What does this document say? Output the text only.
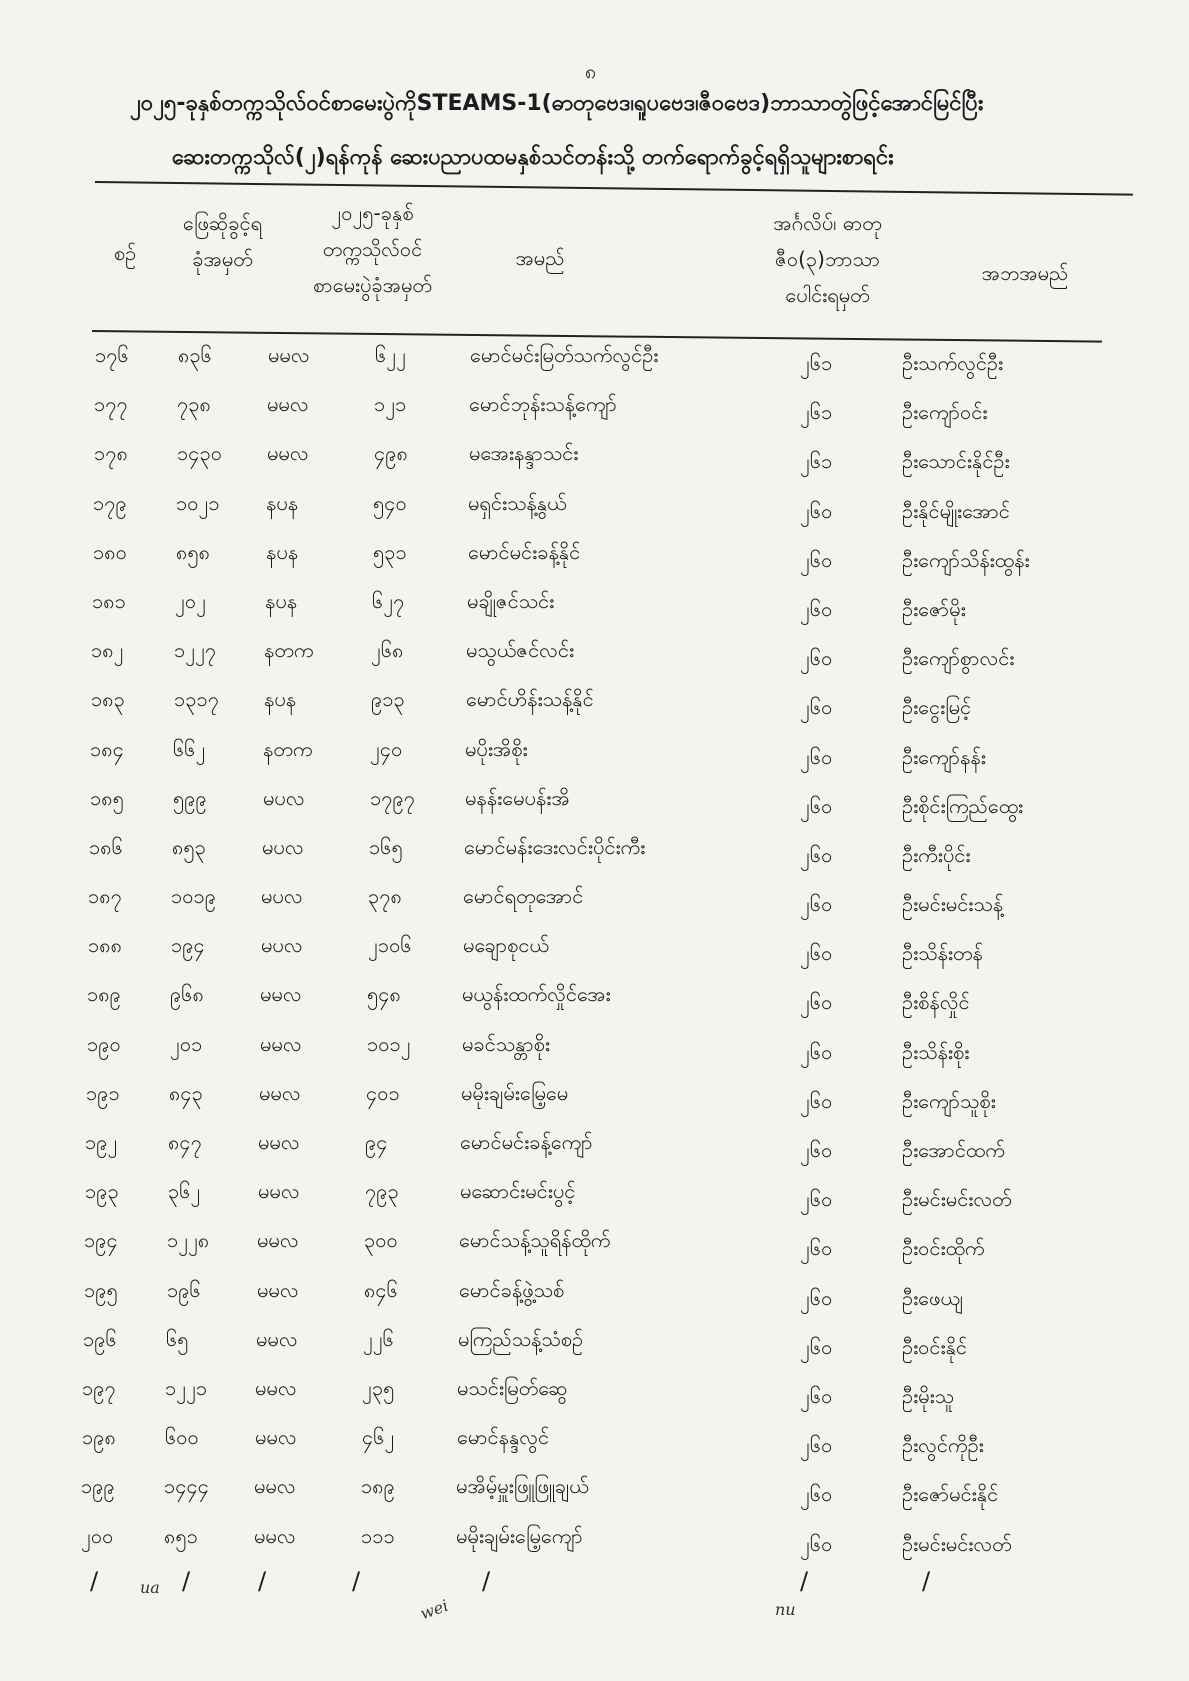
၈
၂၀၂၅-ခုနှစ်တက္ကသိုလ်ဝင်စာမေးပွဲကိုSTEAMS-1(ဓာတုဗေဒ၊ရူပဗေဒ၊ဇီဝဗေဒ)ဘာသာတွဲဖြင့်အောင်မြင်ပြီး
ဆေးတက္ကသိုလ်(၂)ရန်ကုန် ဆေးပညာပထမနှစ်သင်တန်းသို့ တက်ရောက်ခွင့်ရရှိသူများစာရင်း
စဉ်
ဖြေဆိုခွင့်ရ
ခုံအမှတ်
၂၀၂၅-ခုနှစ်
တက္ကသိုလ်ဝင်
စာမေးပွဲခုံအမှတ်
အမည်
အင်္ဂလိပ်၊ ဓာတု
ဇီဝ(၃)ဘာသာ
ပေါင်းရမှတ်
အဘအမည်
၁၇၆ ၈၃၆	မမလ	၆၂၂	မောင်မင်းမြတ်သက်လွင်ဦး	၂၆၁	ဦးသက်လွင်ဦး
၁၇၇ ၇၃၈	မမလ	၁၂၁	မောင်ဘုန်းသန့်ကျော်	၂၆၁	ဦးကျော်ဝင်း
၁၇၈ ၁၄၃၀ မမလ	၄၉၈	မအေးနန္ဒာသင်း	၂၆၁	ဦးသောင်းနိုင်ဦး
၁၇၉ ၁၀၂၁ နပန	၅၄၀	မရှင်းသန့်နွယ်	၂၆၀	ဦးနိုင်မျိုးအောင်
၁၈၀ ၈၅၈	နပန	၅၃၁	မောင်မင်းခန့်နိုင်	၂၆၀	ဦးကျော်သိန်းထွန်း
၁၈၁ ၂၀၂	နပန	၆၂၇	မချိုဇင်သင်း	၂၆၀	ဦးဇော်မိုး
၁၈၂	၁၂၂၇ နတက	၂၆၈	မသွယ်ဇင်လင်း	၂၆၀	ဦးကျော်စွာလင်း
၁၈၃ ၁၃၁၇ နပန	၉၁၃	မောင်ဟိန်းသန့်နိုင်	၂၆၀	ဦးငွေးမြင့်
၁၈၄ ၆၆၂	နတက	၂၄၀	မပိုးအိစိုး	၂၆၀	ဦးကျော်နန်း
၁၈၅ ၅၉၉	မပလ	၁၇၉၇	မနန်းမေပန်းအိ	၂၆၀	ဦးစိုင်းကြည်ထွေး
၁၈၆ ၈၅၃	မပလ	၁၆၅	မောင်မန်းဒေးလင်းပိုင်းကီး	၂၆၀	ဦးကီးပိုင်း
၁၈၇ ၁၀၁၉ မပလ	၃၇၈	မောင်ရတုအောင်	၂၆၀	ဦးမင်းမင်းသန့်
၁၈၈ ၁၉၄	မပလ	၂၁၀၆	မချောစုငယ်	၂၆၀	ဦးသိန်းတန်
၁၈၉ ၉၆၈	မမလ	၅၄၈	မယွန်းထက်လှိုင်အေး	၂၆၀	ဦးစိန်လှိုင်
၁၉၀ ၂၀၁	မမလ	၁၀၁၂	မခင်သန္တာစိုး	၂၆၀	ဦးသိန်းစိုး
၁၉၁ ၈၄၃	မမလ	၄၀၁	မမိုးချမ်းမြေ့မေ	၂၆၀	ဦးကျော်သူစိုး
၁၉၂	၈၄၇	မမလ	၉၄	မောင်မင်းခန့်ကျော်	၂၆၀	ဦးအောင်ထက်
၁၉၃ ၃၆၂	မမလ	၇၉၃	မဆောင်းမင်းပွင့်	၂၆၀	ဦးမင်းမင်းလတ်
၁၉၄ ၁၂၂၈ မမလ	၃၀၀	မောင်သန့်သူရိန်ထိုက်	၂၆၀	ဦးဝင်းထိုက်
၁၉၅ ၁၉၆	မမလ	၈၄၆	မောင်ခန့်ဖွဲ့သစ်	၂၆၀	ဦးဖေယျ
၁၉၆ ၆၅	မမလ	၂၂၆	မကြည်သန့်သံစဉ်	၂၆၀	ဦးဝင်းနိုင်
၁၉၇ ၁၂၂၁ မမလ	၂၃၅	မသင်းမြတ်ဆွေ	၂၆၀	ဦးမိုးသူ
၁၉၈ ၆၀၀	မမလ	၄၆၂	မောင်နန္ဒလွင်	၂၆၀	ဦးလွင်ကိုဦး
၁၉၉ ၁၄၄၄ မမလ	၁၈၉	မအိမ့်မှူးဖြူဖြူချယ်	၂၆၀	ဦးဇော်မင်းနိုင်
၂၀၀	၈၅၁	မမလ	၁၁၁	မမိုးချမ်းမြေ့ကျော်	၂၆၀	ဦးမင်းမင်းလတ်
/	/	/	/	/	/	/
ua
wei	nu
